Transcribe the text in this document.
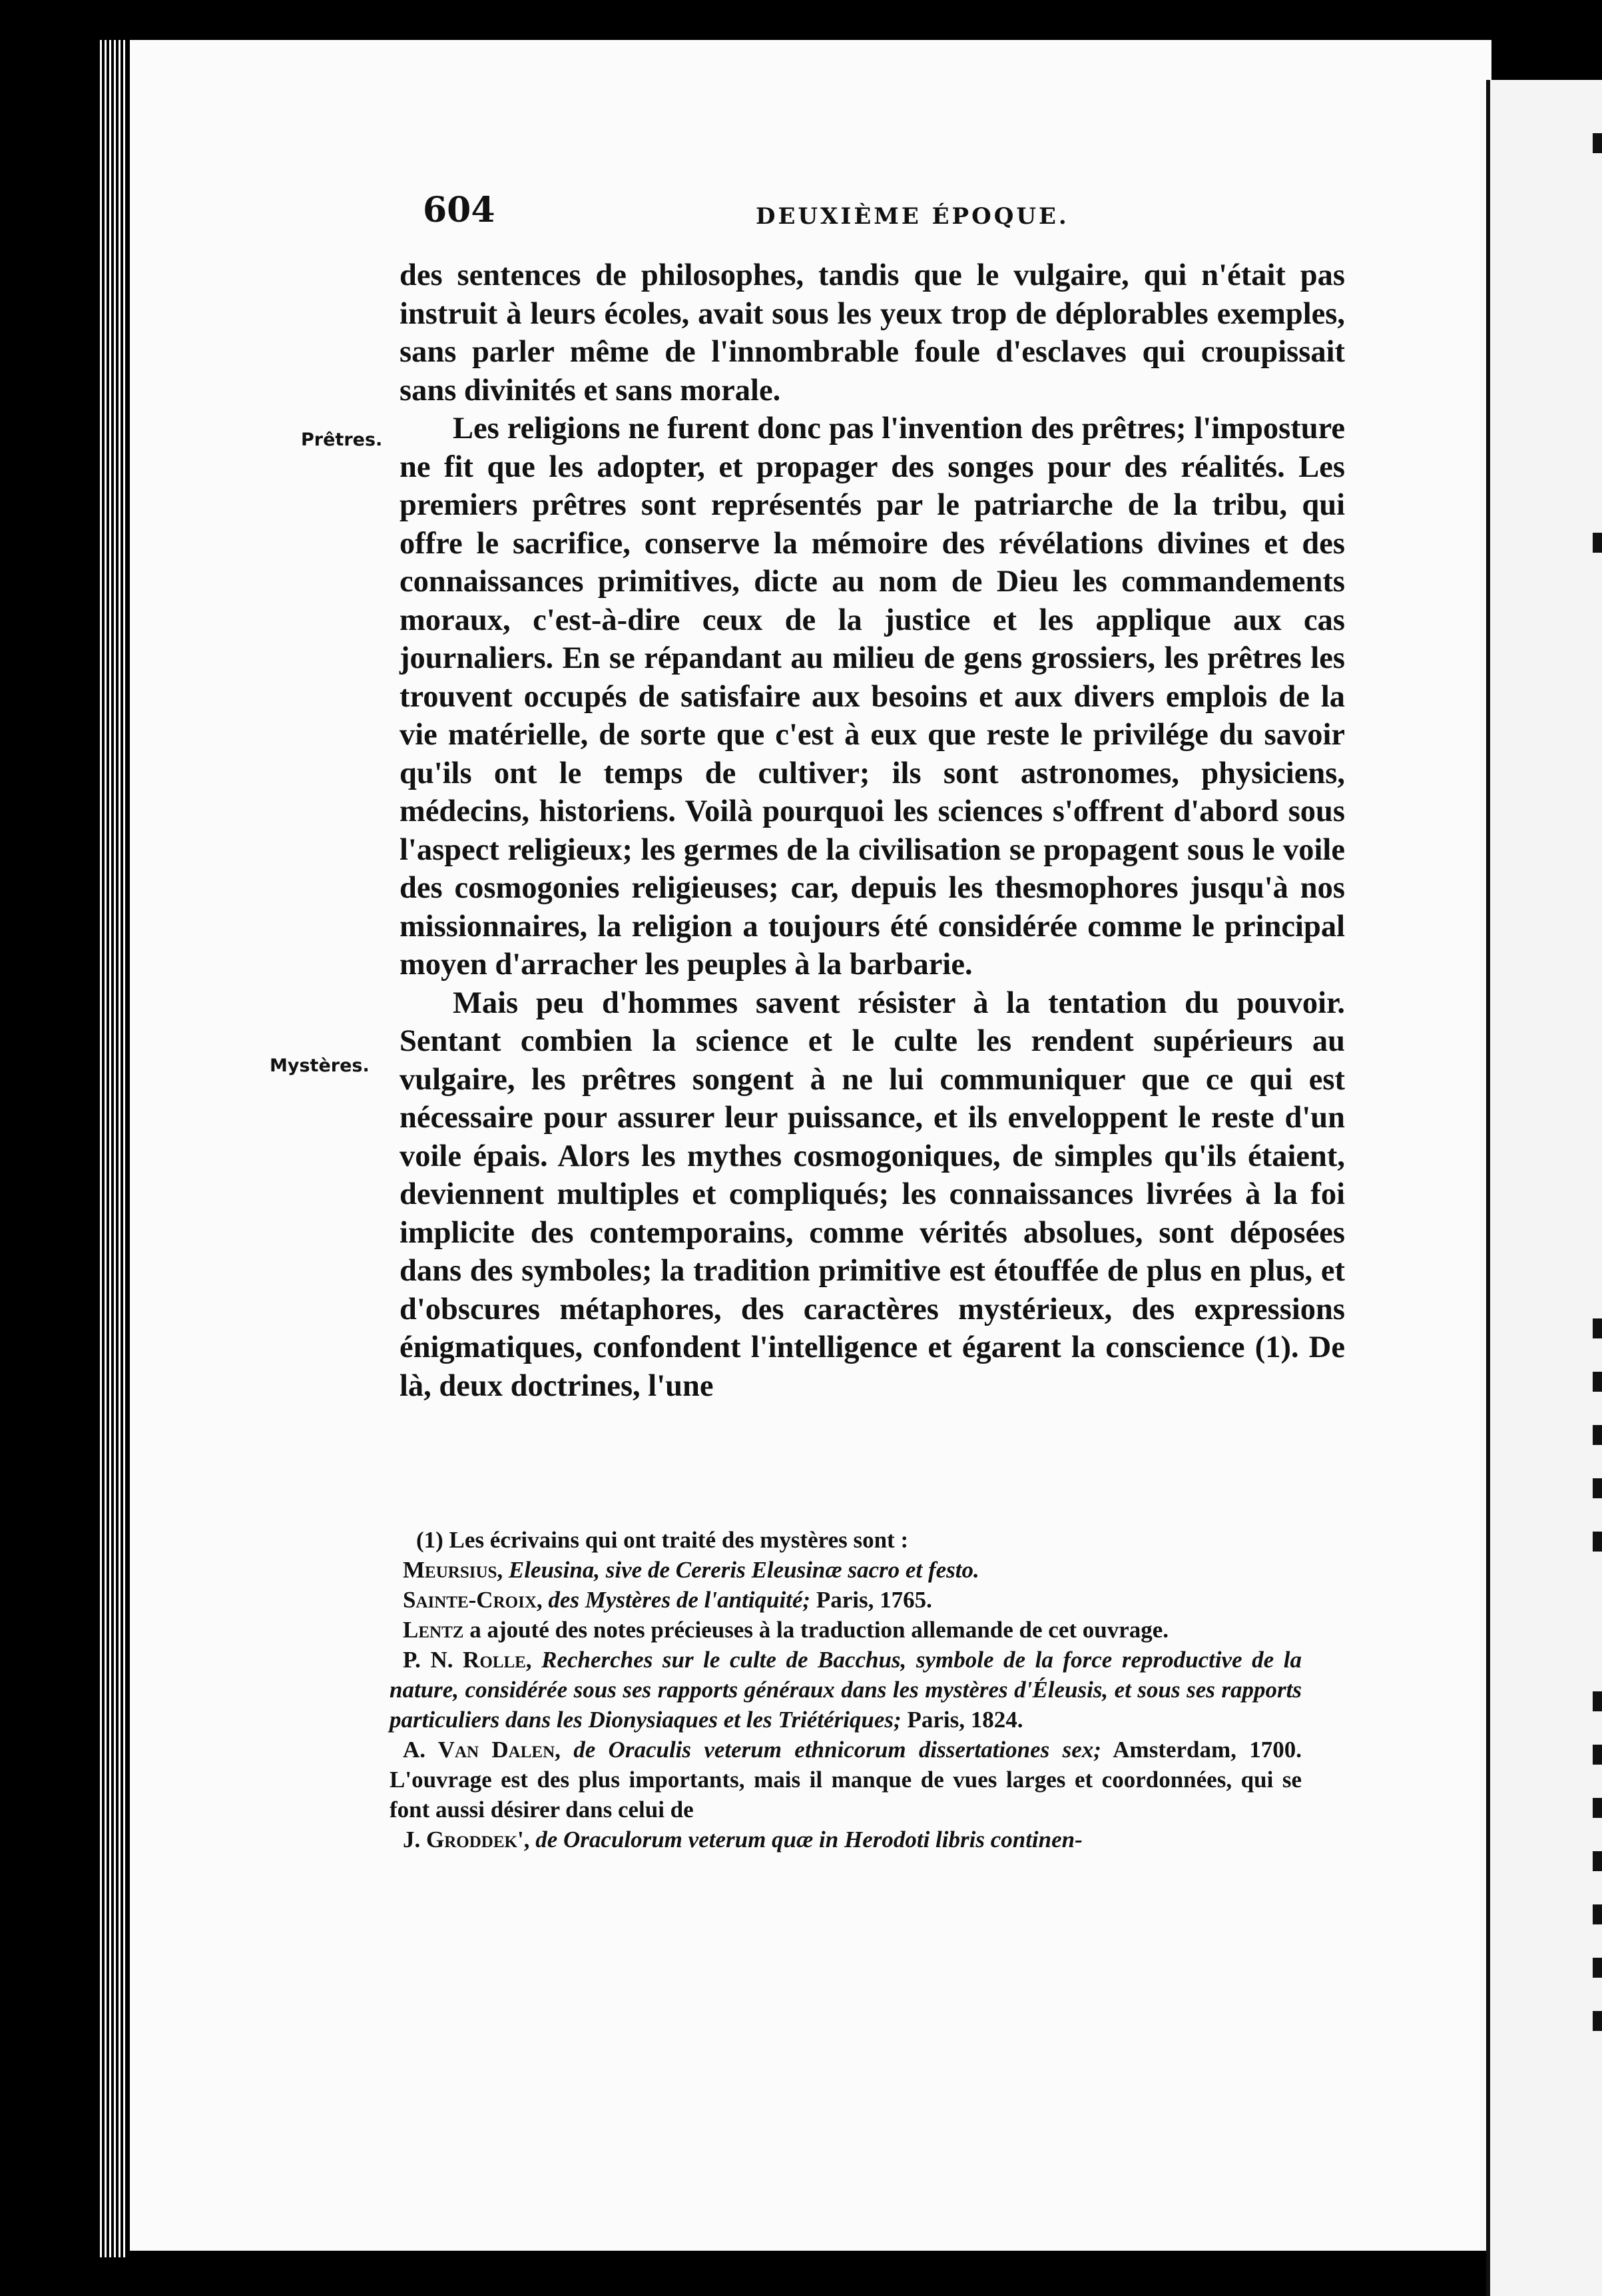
604	DEUXIÈME ÉPOQUE.
Prêtres.
Mystères.

des sentences de philosophes, tandis que le vulgaire, qui n'était pas instruit à leurs écoles, avait sous les yeux trop de déplorables exemples, sans parler même de l'innombrable foule d'esclaves qui croupissait sans divinités et sans morale.

Les religions ne furent donc pas l'invention des prêtres; l'imposture ne fit que les adopter, et propager des songes pour des réalités. Les premiers prêtres sont représentés par le patriarche de la tribu, qui offre le sacrifice, conserve la mémoire des révélations divines et des connaissances primitives, dicte au nom de Dieu les commandements moraux, c'est-à-dire ceux de la justice et les applique aux cas journaliers. En se répandant au milieu de gens grossiers, les prêtres les trouvent occupés de satisfaire aux besoins et aux divers emplois de la vie matérielle, de sorte que c'est à eux que reste le privilége du savoir qu'ils ont le temps de cultiver; ils sont astronomes, physiciens, médecins, historiens. Voilà pourquoi les sciences s'offrent d'abord sous l'aspect religieux; les germes de la civilisation se propagent sous le voile des cosmogonies religieuses; car, depuis les thesmophores jusqu'à nos missionnaires, la religion a toujours été considérée comme le principal moyen d'arracher les peuples à la barbarie.

Mais peu d'hommes savent résister à la tentation du pouvoir. Sentant combien la science et le culte les rendent supérieurs au vulgaire, les prêtres songent à ne lui communiquer que ce qui est nécessaire pour assurer leur puissance, et ils enveloppent le reste d'un voile épais. Alors les mythes cosmogoniques, de simples qu'ils étaient, deviennent multiples et compliqués; les connaissances livrées à la foi implicite des contemporains, comme vérités absolues, sont déposées dans des symboles; la tradition primitive est étouffée de plus en plus, et d'obscures métaphores, des caractères mystérieux, des expressions énigmatiques, confondent l'intelligence et égarent la conscience (1). De là, deux doctrines, l'une

(1) Les écrivains qui ont traité des mystères sont :

Meursius, Eleusina, sive de Cereris Eleusinæ sacro et festo.

Sainte-Croix, des Mystères de l'antiquité; Paris, 1765.

Lentz a ajouté des notes précieuses à la traduction allemande de cet ouvrage.

P. N. Rolle, Recherches sur le culte de Bacchus, symbole de la force reproductive de la nature, considérée sous ses rapports généraux dans les mystères d'Éleusis, et sous ses rapports particuliers dans les Dionysiaques et les Triétériques; Paris, 1824.

A. Van Dalen, de Oraculis veterum ethnicorum dissertationes sex; Amsterdam, 1700. L'ouvrage est des plus importants, mais il manque de vues larges et coordonnées, qui se font aussi désirer dans celui de

J. Groddek', de Oraculorum veterum quæ in Herodoti libris continen-
